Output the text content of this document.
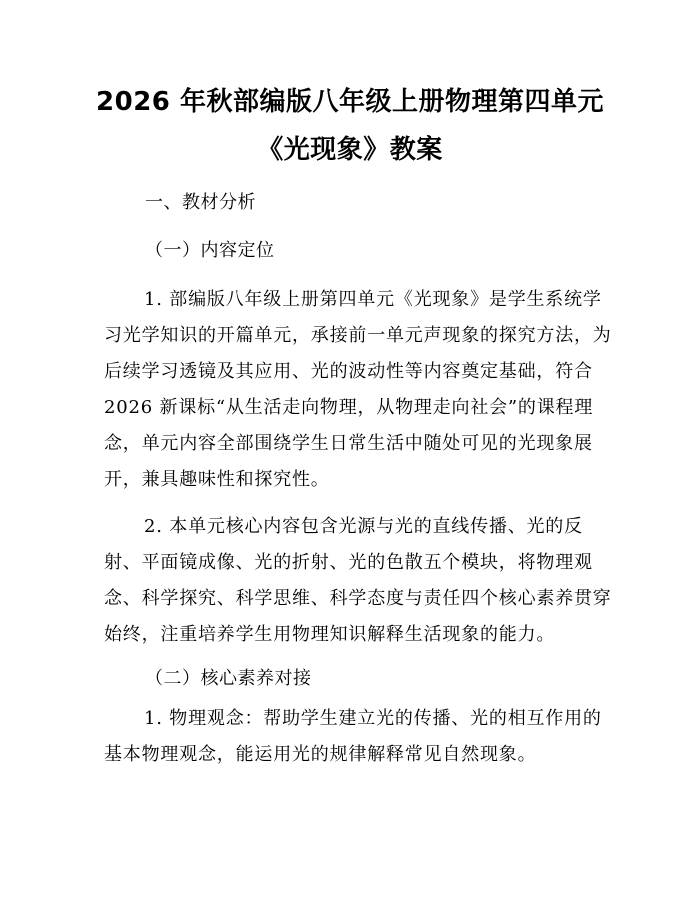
2026 年秋部编版八年级上册物理第四单元
《光现象》教案
一、教材分析
（一）内容定位
1. 部编版八年级上册第四单元《光现象》是学生系统学
习光学知识的开篇单元，承接前一单元声现象的探究方法，为
后续学习透镜及其应用、光的波动性等内容奠定基础，符合
2026 新课标“从生活走向物理，从物理走向社会”的课程理
念，单元内容全部围绕学生日常生活中随处可见的光现象展
开，兼具趣味性和探究性。
2. 本单元核心内容包含光源与光的直线传播、光的反
射、平面镜成像、光的折射、光的色散五个模块，将物理观
念、科学探究、科学思维、科学态度与责任四个核心素养贯穿
始终，注重培养学生用物理知识解释生活现象的能力。
（二）核心素养对接
1. 物理观念：帮助学生建立光的传播、光的相互作用的
基本物理观念，能运用光的规律解释常见自然现象。
